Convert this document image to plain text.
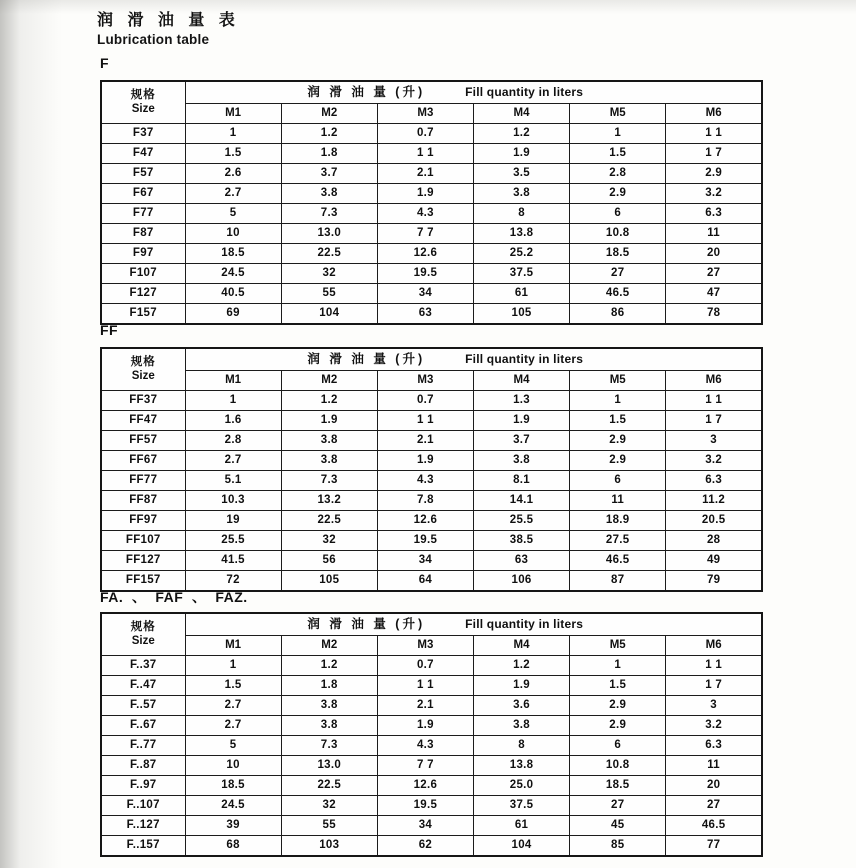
润 滑 油 量 表
Lubrication table
F
规格
Size

润 滑 油 量 (升)	Fill quantity in liters

	M1	M2	M3	M4	M5	M6
F37	1	1.2	0.7	1.2	1	1 1
F47	1.5	1.8	1 1	1.9	1.5	1 7
F57	2.6	3.7	2.1	3.5	2.8	2.9
F67	2.7	3.8	1.9	3.8	2.9	3.2
F77	5	7.3	4.3	8	6	6.3
F87	10	13.0	7 7	13.8	10.8	11
F97	18.5	22.5	12.6	25.2	18.5	20
F107	24.5	32	19.5	37.5	27	27
F127	40.5	55	34	61	46.5	47
F157	69	104	63	105	86	78
FF
规格
Size

润 滑 油 量 (升)	Fill quantity in liters

	M1	M2	M3	M4	M5	M6
FF37	1	1.2	0.7	1.3	1	1 1
FF47	1.6	1.9	1 1	1.9	1.5	1 7
FF57	2.8	3.8	2.1	3.7	2.9	3
FF67	2.7	3.8	1.9	3.8	2.9	3.2
FF77	5.1	7.3	4.3	8.1	6	6.3
FF87	10.3	13.2	7.8	14.1	11	11.2
FF97	19	22.5	12.6	25.5	18.9	20.5
FF107	25.5	32	19.5	38.5	27.5	28
FF127	41.5	56	34	63	46.5	49
FF157	72	105	64	106	87	79
FA.  、  FAF  、  FAZ.
规格
Size

润 滑 油 量 (升)	Fill quantity in liters

	M1	M2	M3	M4	M5	M6
F..37	1	1.2	0.7	1.2	1	1 1
F..47	1.5	1.8	1 1	1.9	1.5	1 7
F..57	2.7	3.8	2.1	3.6	2.9	3
F..67	2.7	3.8	1.9	3.8	2.9	3.2
F..77	5	7.3	4.3	8	6	6.3
F..87	10	13.0	7 7	13.8	10.8	11
F..97	18.5	22.5	12.6	25.0	18.5	20
F..107	24.5	32	19.5	37.5	27	27
F..127	39	55	34	61	45	46.5
F..157	68	103	62	104	85	77
